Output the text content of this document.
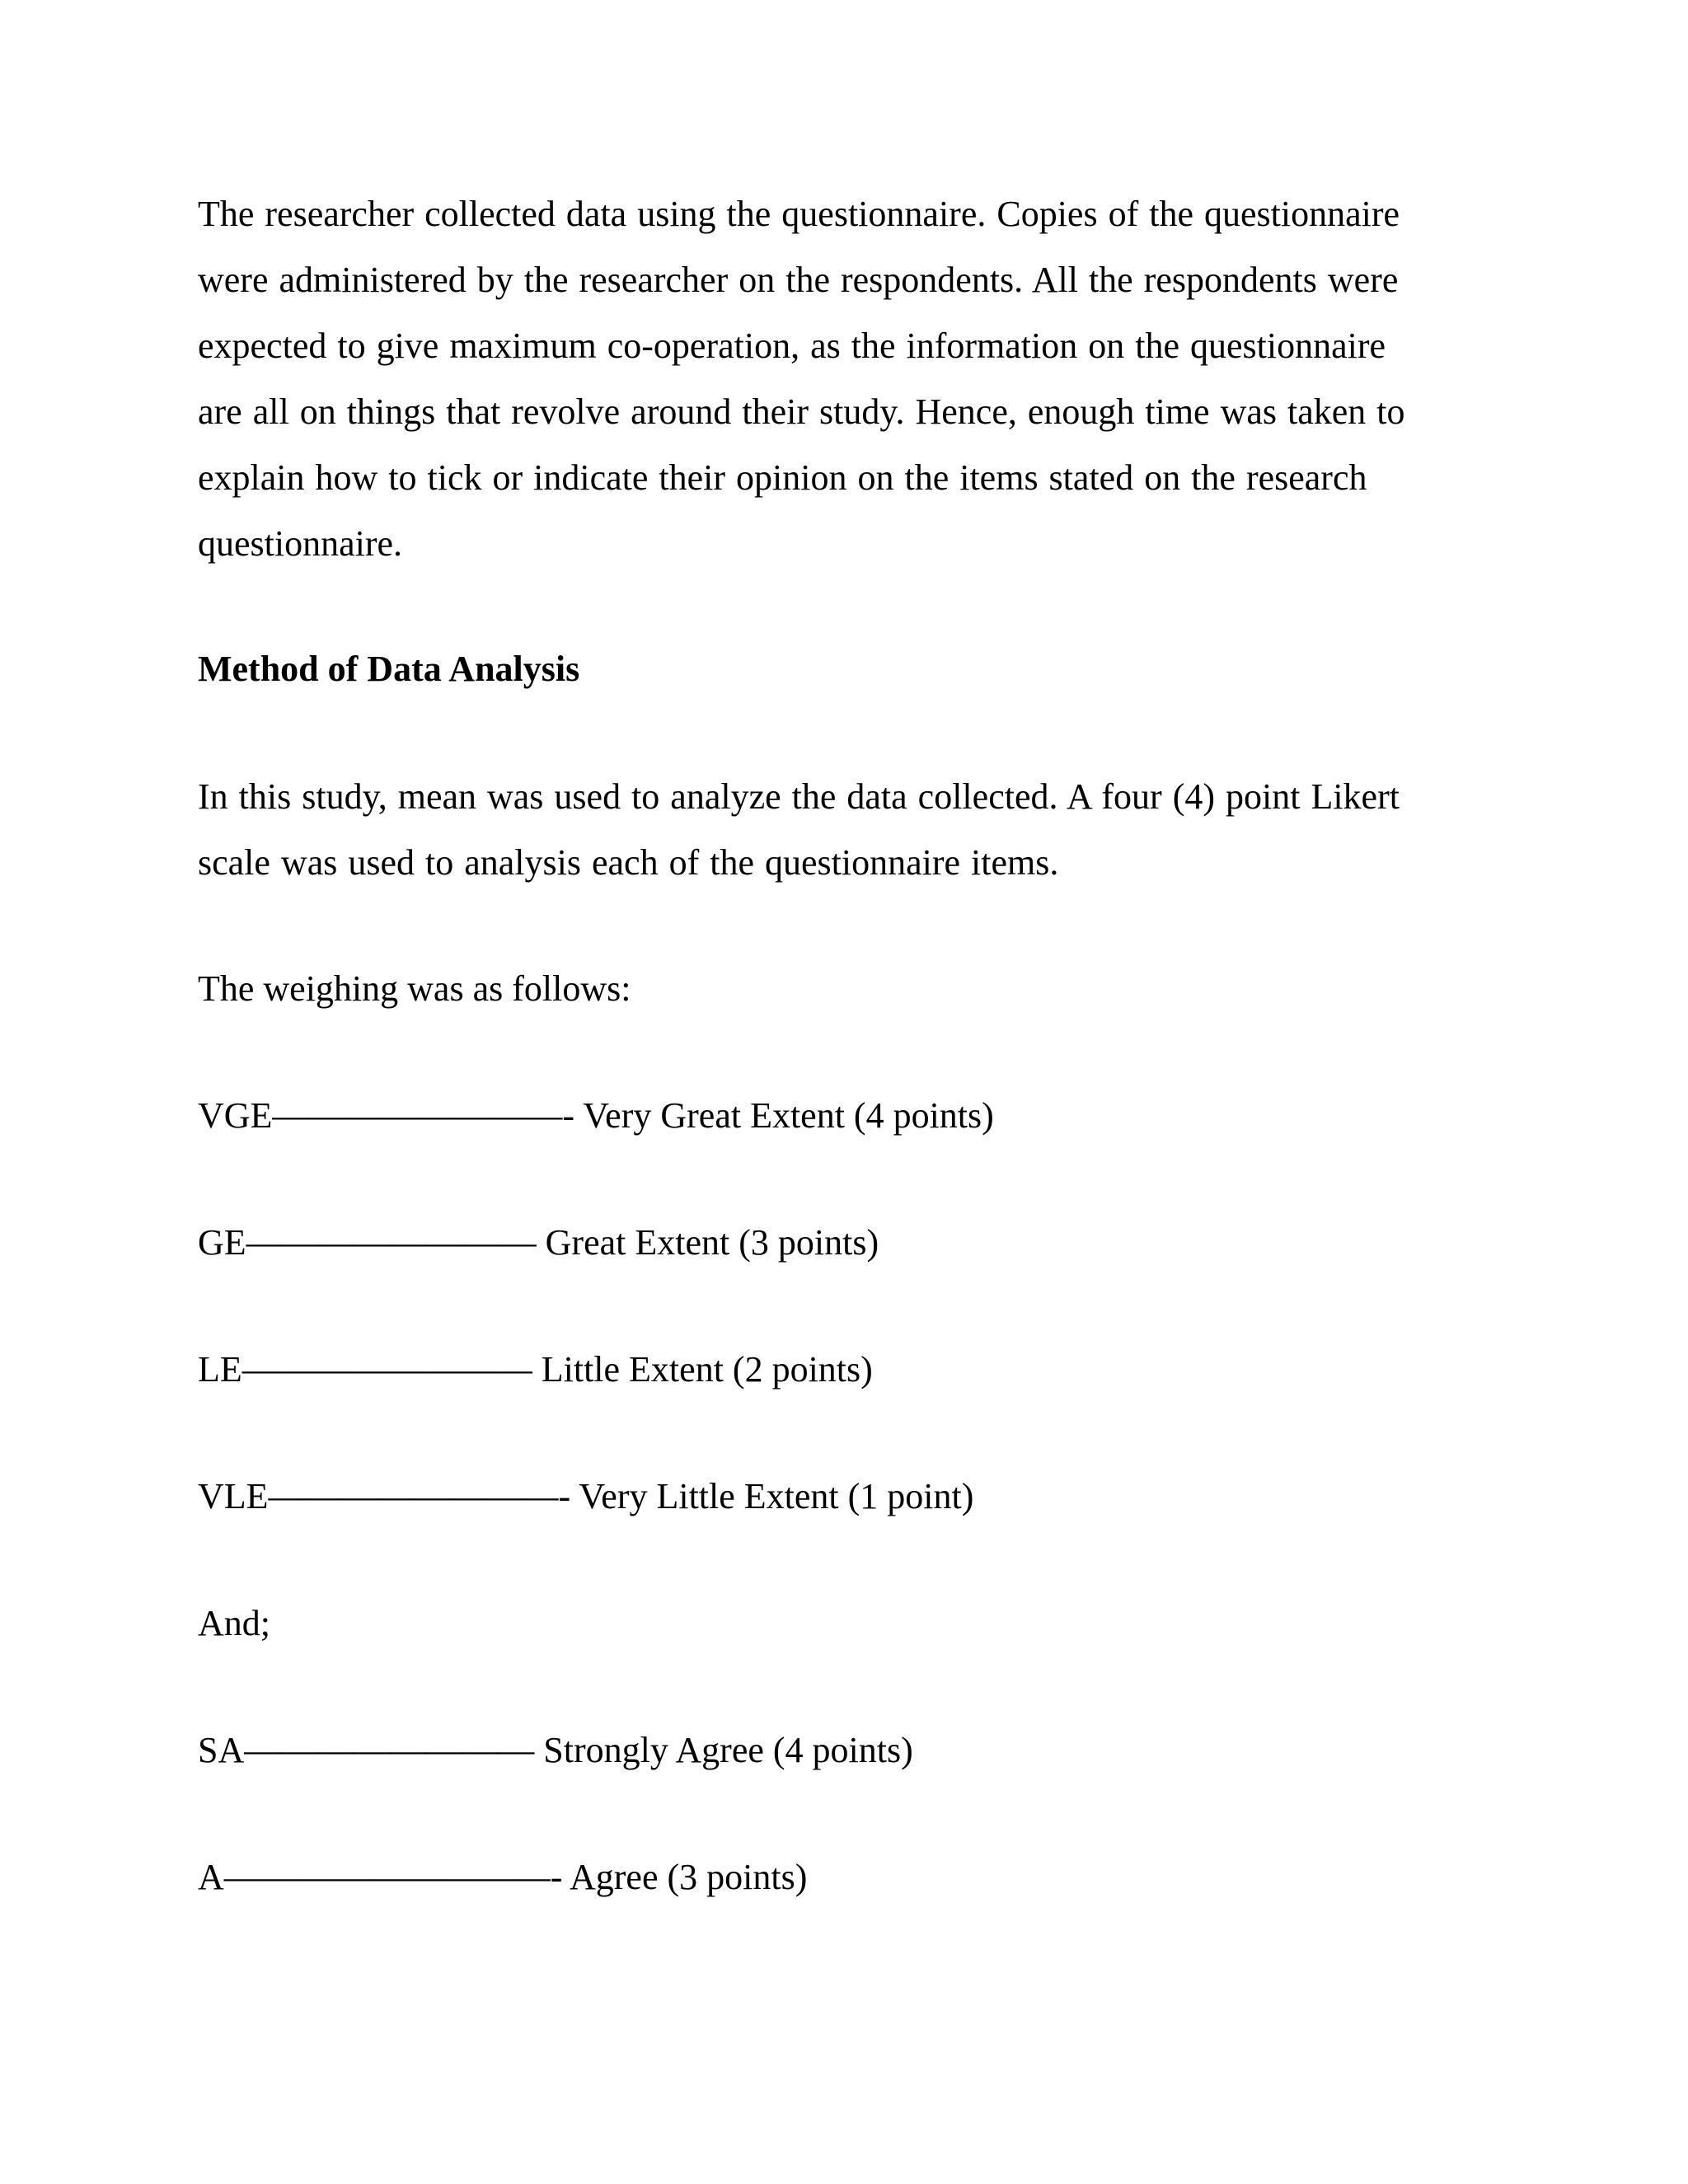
The researcher collected data using the questionnaire. Copies of the questionnaire
were administered by the researcher on the respondents. All the respondents were
expected to give maximum co-operation, as the information on the questionnaire
are all on things that revolve around their study. Hence, enough time was taken to
explain how to tick or indicate their opinion on the items stated on the research
questionnaire.
Method of Data Analysis
In this study, mean was used to analyze the data collected. A four (4) point Likert
scale was used to analysis each of the questionnaire items.
The weighing was as follows:
VGE————————- Very Great Extent (4 points)
GE———————— Great Extent (3 points)
LE———————— Little Extent (2 points)
VLE————————- Very Little Extent (1 point)
And;
SA———————— Strongly Agree (4 points)
A—————————- Agree (3 points)
